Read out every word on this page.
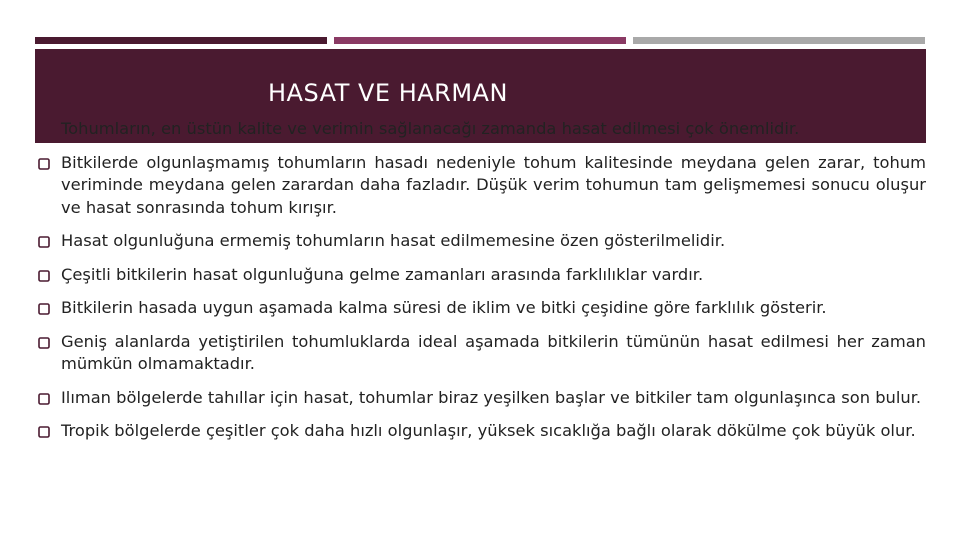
HASAT VE HARMAN
Tohumların, en üstün kalite ve verimin sağlanacağı zamanda hasat edilmesi çok önemlidir.
Bitkilerde olgunlaşmamış tohumların hasadı nedeniyle tohum kalitesinde meydana gelen zarar, tohum veriminde meydana gelen zarardan daha fazladır. Düşük verim tohumun tam gelişmemesi sonucu oluşur ve hasat sonrasında tohum kırışır.
Hasat olgunluğuna ermemiş tohumların hasat edilmemesine özen gösterilmelidir.
Çeşitli bitkilerin hasat olgunluğuna gelme zamanları arasında farklılıklar vardır.
Bitkilerin hasada uygun aşamada kalma süresi de iklim ve bitki çeşidine göre farklılık gösterir.
Geniş alanlarda yetiştirilen tohumluklarda ideal aşamada bitkilerin tümünün hasat edilmesi her zaman mümkün olmamaktadır.
Ilıman bölgelerde tahıllar için hasat, tohumlar biraz yeşilken başlar ve bitkiler tam olgunlaşınca son bulur.
Tropik bölgelerde çeşitler çok daha hızlı olgunlaşır, yüksek sıcaklığa bağlı olarak dökülme çok büyük olur.
